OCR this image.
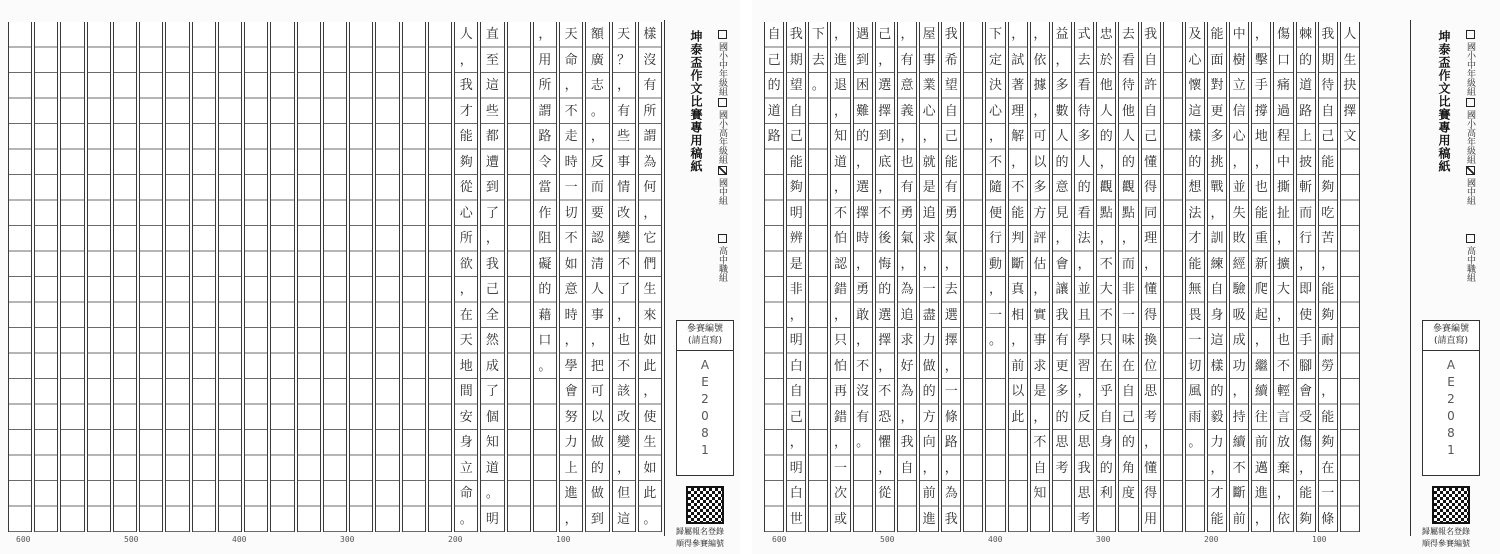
樣
沒
有
所
謂
為
何
，
它
們
生
來
如
此
，
使
生
如
此
。
天
？
，
有
些
事
情
改
變
不
了
，
也
不
該
改
變
，
但
這
額
廣
志
。
，
反
而
要
認
清
人
事
，
把
可
以
做
的
做
到
天
命
，
不
走
時
一
切
不
如
意
時
，
學
會
努
力
上
進
，
，
用
所
謂
路
令
當
作
阻
礙
的
藉
口
。
直
至
這
些
都
遭
到
了
，
我
己
全
然
成
了
個
知
道
。
明
人
，
我
才
能
夠
從
心
所
欲
，
在
天
地
間
安
身
立
命
。
坤泰盃作文比賽專用稿紙 國小中年級組
國小高年級組
國中組
高中職組
參賽編號
(請直寫)
A
E
2
0
8
1
歸屬報名登錄
順得參賽編號
人
生
抉
擇
文
我
期
待
自
己
能
夠
吃
苦
，
能
夠
耐
勞
，
能
夠
在
一
條
棘
的
道
路
上
披
斬
而
行
，
即
使
手
腳
會
受
傷
，
能
夠
傷
口
痛
過
程
中
撕
扯
，
擴
大
，
也
不
輕
言
放
棄
，
依
，
擊
手
撐
地
，
也
能
重
新
爬
起
，
繼
續
往
前
邁
進
，
中
樹
立
信
心
，
並
失
敗
經
驗
吸
成
功
，
持
續
不
斷
前
能
面
對
更
多
挑
戰
，
訓
練
自
身
這
樣
的
毅
力
，
才
能
及
心
懷
這
樣
的
想
法
才
能
無
畏
一
切
風
雨
。
我
自
許
自
己
懂
得
同
理
，
懂
得
換
位
思
考
，
懂
得
用
去
看
待
他
人
的
觀
點
，
而
非
一
味
在
自
己
的
角
度
忠
於
他
人
的
，
觀
點
，
不
大
不
只
在
乎
自
身
的
利
式
去
看
待
多
人
的
看
法
，
並
且
學
習
，
反
思
我
思
考
益
，
多
數
人
的
意
見
，
會
讓
我
有
更
多
的
思
考
，
依
據
，
可
以
多
方
評
估
，
實
事
求
是
，
不
自
知
，
試
著
理
解
，
不
能
判
斷
真
相
，
前
以
此
下
定
決
心
，
不
隨
便
行
動
，
一
。
我
希
望
自
己
能
有
勇
氣
，
去
選
擇
，
一
條
路
，
為
我
屋
事
業
心
，
就
是
追
求
，
一
盡
力
做
的
方
向
，
前
進
，
有
意
義
，
也
有
勇
氣
，
為
追
求
好
為
，
我
自
己
，
選
擇
到
底
，
不
後
悔
的
選
擇
，
不
恐
懼
，
從
遇
到
困
難
的
，
選
擇
時
，
勇
敢
，
不
沒
有
。
，
進
退
，
知
道
，
不
怕
認
錯
，
只
怕
再
錯
，
一
次
或
下
去
。
我
期
望
自
己
能
夠
明
辨
是
非
，
明
白
自
己
，
明
白
世
自
己
的
道
路	坤泰盃作文比賽專用稿紙 國小中年級組
國小高年級組
國中組
高中職組
參賽編號
(請直寫)
A
E
2
0
8
1
歸屬報名登錄
順得參賽編號
600	500	400	300	200	100	600	500	400	300	200	100
